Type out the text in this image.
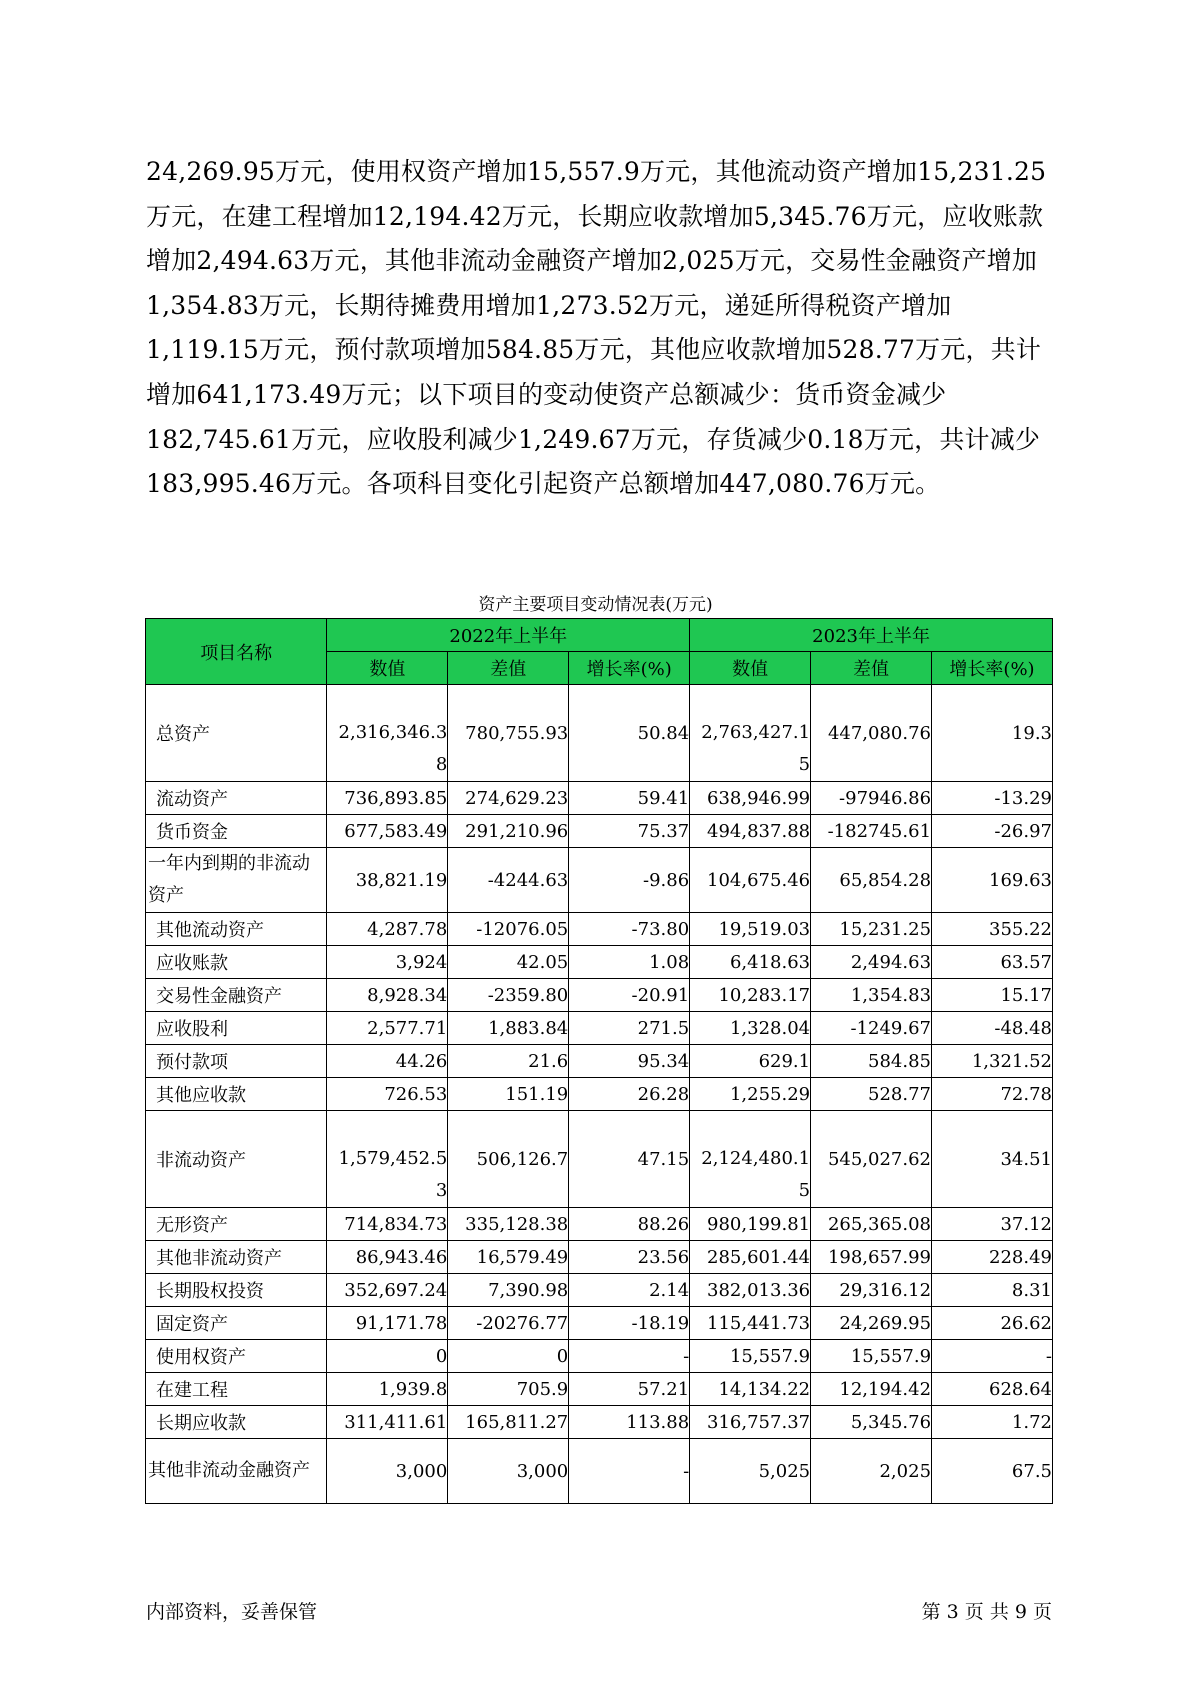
24,269.95万元，使用权资产增加15,557.9万元，其他流动资产增加15,231.25万元，在建工程增加12,194.42万元，长期应收款增加5,345.76万元，应收账款增加2,494.63万元，其他非流动金融资产增加2,025万元，交易性金融资产增加1,354.83万元，长期待摊费用增加1,273.52万元，递延所得税资产增加1,119.15万元，预付款项增加584.85万元，其他应收款增加528.77万元，共计增加641,173.49万元；以下项目的变动使资产总额减少：货币资金减少182,745.61万元，应收股利减少1,249.67万元，存货减少0.18万元，共计减少183,995.46万元。各项科目变化引起资产总额增加447,080.76万元。

资产主要项目变动情况表(万元)
项目名称	2022年上半年			2023年上半年		
	数值	差值	增长率(%)	数值	差值	增长率(%)
总资产	2,316,346.38	780,755.93	50.84	2,763,427.15	447,080.76	19.3
流动资产	736,893.85	274,629.23	59.41	638,946.99	-97946.86	-13.29
货币资金	677,583.49	291,210.96	75.37	494,837.88	-182745.61	-26.97
一年内到期的非流动资产	38,821.19	-4244.63	-9.86	104,675.46	65,854.28	169.63
其他流动资产	4,287.78	-12076.05	-73.80	19,519.03	15,231.25	355.22
应收账款	3,924	42.05	1.08	6,418.63	2,494.63	63.57
交易性金融资产	8,928.34	-2359.80	-20.91	10,283.17	1,354.83	15.17
应收股利	2,577.71	1,883.84	271.5	1,328.04	-1249.67	-48.48
预付款项	44.26	21.6	95.34	629.1	584.85	1,321.52
其他应收款	726.53	151.19	26.28	1,255.29	528.77	72.78
非流动资产	1,579,452.53	506,126.7	47.15	2,124,480.15	545,027.62	34.51
无形资产	714,834.73	335,128.38	88.26	980,199.81	265,365.08	37.12
其他非流动资产	86,943.46	16,579.49	23.56	285,601.44	198,657.99	228.49
长期股权投资	352,697.24	7,390.98	2.14	382,013.36	29,316.12	8.31
固定资产	91,171.78	-20276.77	-18.19	115,441.73	24,269.95	26.62
使用权资产	0	0	-	15,557.9	15,557.9	-
在建工程	1,939.8	705.9	57.21	14,134.22	12,194.42	628.64
长期应收款	311,411.61	165,811.27	113.88	316,757.37	5,345.76	1.72
其他非流动金融资产	3,000	3,000	-	5,025	2,025	67.5
内部资料，妥善保管	第 3 页 共 9 页
